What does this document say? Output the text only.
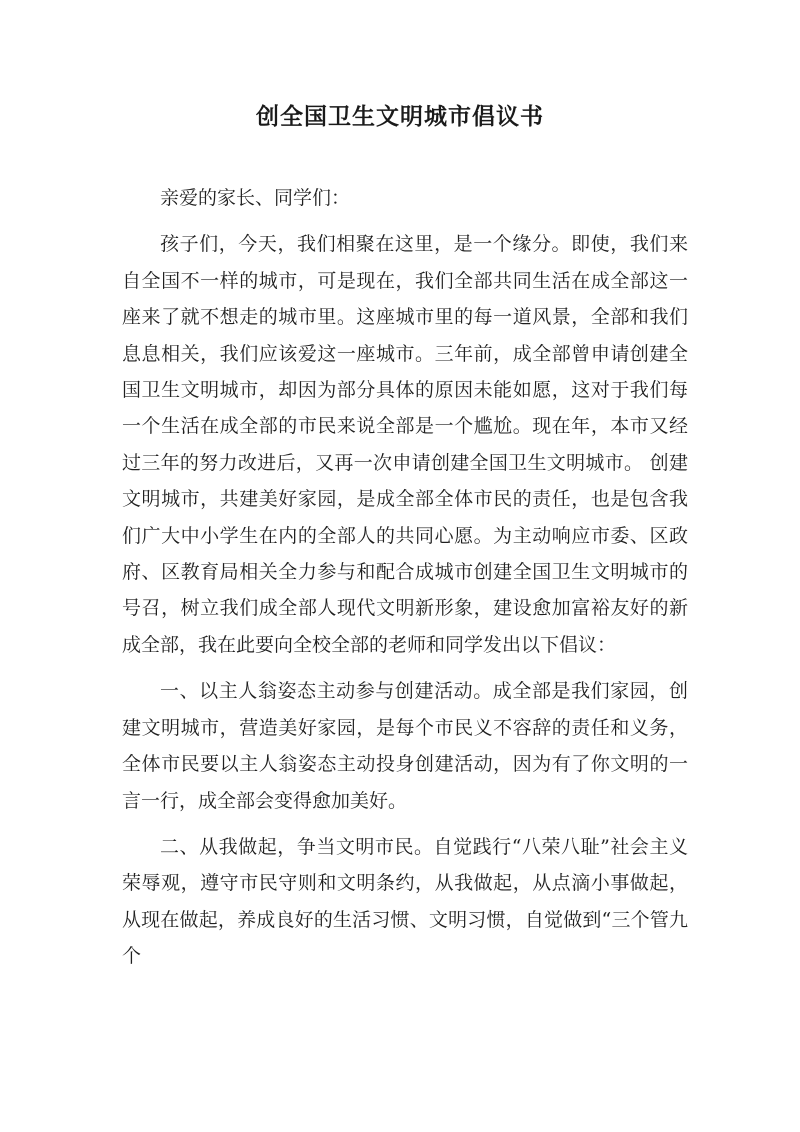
创全国卫生文明城市倡议书

亲爱的家长、同学们：

孩子们，今天，我们相聚在这里，是一个缘分。即使，我们来自全国不一样的城市，可是现在，我们全部共同生活在成全部这一座来了就不想走的城市里。这座城市里的每一道风景，全部和我们息息相关，我们应该爱这一座城市。三年前，成全部曾申请创建全国卫生文明城市，却因为部分具体的原因未能如愿，这对于我们每一个生活在成全部的市民来说全部是一个尴尬。现在年，本市又经过三年的努力改进后，又再一次申请创建全国卫生文明城市。 创建文明城市，共建美好家园，是成全部全体市民的责任，也是包含我们广大中小学生在内的全部人的共同心愿。为主动响应市委、区政府、区教育局相关全力参与和配合成城市创建全国卫生文明城市的号召，树立我们成全部人现代文明新形象，建设愈加富裕友好的新成全部，我在此要向全校全部的老师和同学发出以下倡议：

一、以主人翁姿态主动参与创建活动。成全部是我们家园，创建文明城市，营造美好家园，是每个市民义不容辞的责任和义务，全体市民要以主人翁姿态主动投身创建活动，因为有了你文明的一言一行，成全部会变得愈加美好。

二、从我做起，争当文明市民。自觉践行“八荣八耻”社会主义荣辱观，遵守市民守则和文明条约，从我做起，从点滴小事做起，从现在做起，养成良好的生活习惯、文明习惯，自觉做到“三个管九个
